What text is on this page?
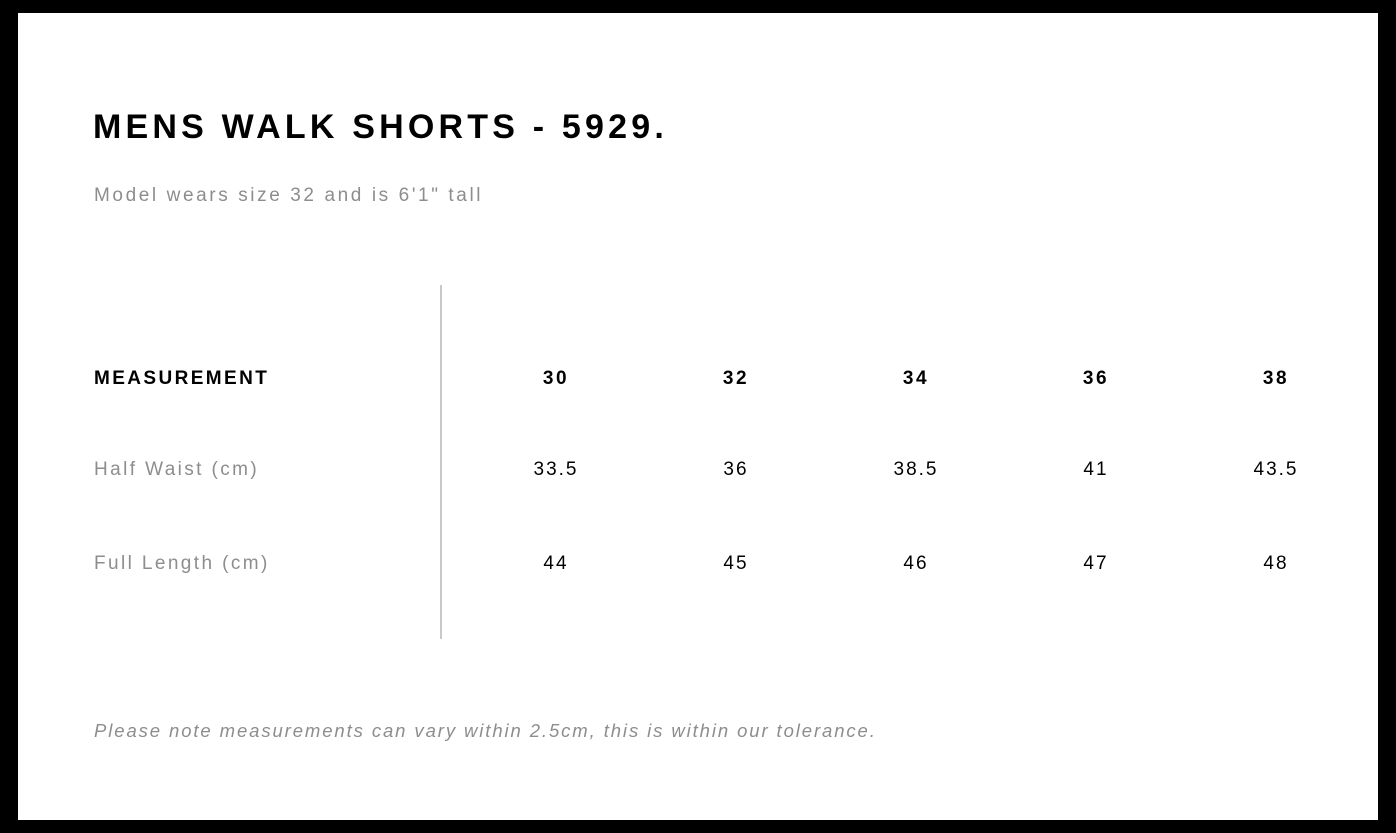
MENS WALK SHORTS - 5929.
Model wears size 32 and is 6'1" tall
MEASUREMENT	30	32	34	36	38
Half Waist (cm)	33.5	36	38.5	41	43.5
Full Length (cm)	44	45	46	47	48
Please note measurements can vary within 2.5cm, this is within our tolerance.
